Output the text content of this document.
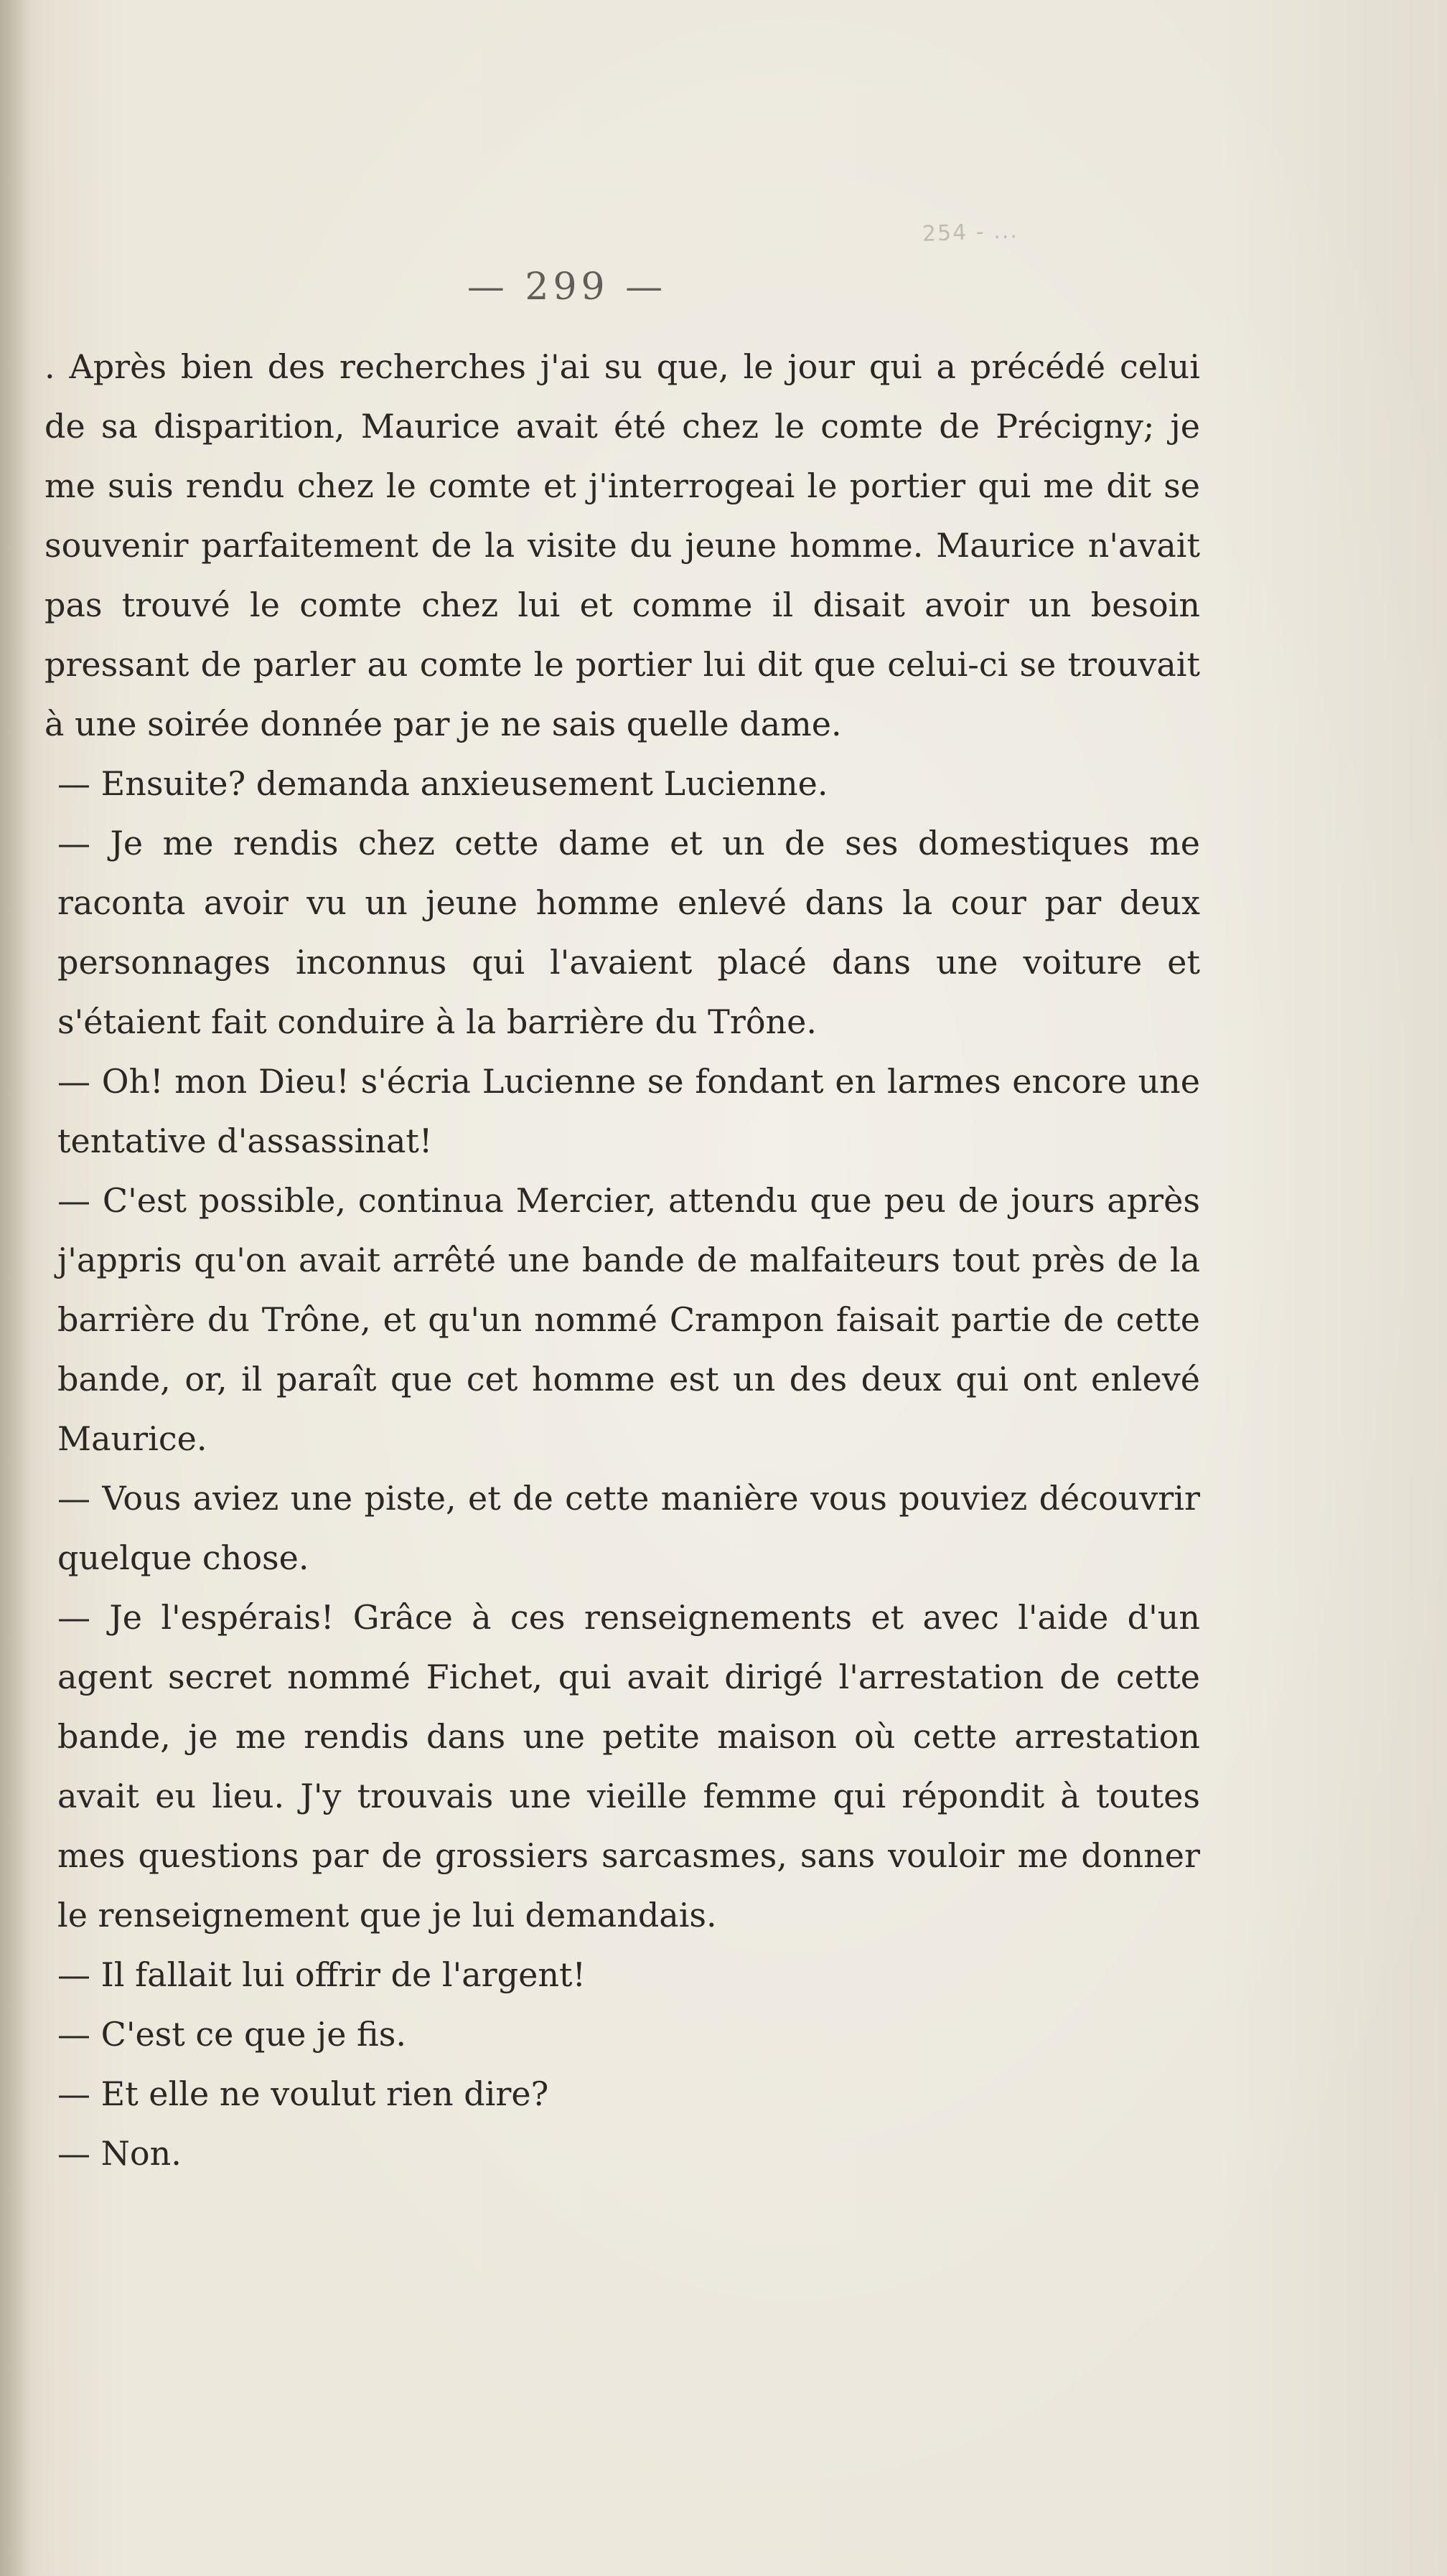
254 - ...
— 299 —

. Après bien des recherches j'ai su que, le jour qui a précédé celui de sa disparition, Maurice avait été chez le comte de Précigny; je me suis rendu chez le comte et j'interrogeai le portier qui me dit se souvenir parfaitement de la visite du jeune homme. Maurice n'avait pas trouvé le comte chez lui et comme il disait avoir un besoin pressant de parler au comte le portier lui dit que celui-ci se trouvait à une soirée donnée par je ne sais quelle dame.

— Ensuite? demanda anxieusement Lucienne.

— Je me rendis chez cette dame et un de ses domestiques me raconta avoir vu un jeune homme enlevé dans la cour par deux personnages inconnus qui l'avaient placé dans une voiture et s'étaient fait conduire à la barrière du Trône.

— Oh! mon Dieu! s'écria Lucienne se fondant en larmes encore une tentative d'assassinat!

— C'est possible, continua Mercier, attendu que peu de jours après j'appris qu'on avait arrêté une bande de malfaiteurs tout près de la barrière du Trône, et qu'un nommé Crampon faisait partie de cette bande, or, il paraît que cet homme est un des deux qui ont enlevé Maurice.

— Vous aviez une piste, et de cette manière vous pouviez découvrir quelque chose.

— Je l'espérais! Grâce à ces renseignements et avec l'aide d'un agent secret nommé Fichet, qui avait dirigé l'arrestation de cette bande, je me rendis dans une petite maison où cette arrestation avait eu lieu. J'y trouvais une vieille femme qui répondit à toutes mes questions par de grossiers sarcasmes, sans vouloir me donner le renseignement que je lui demandais.

— Il fallait lui offrir de l'argent!

— C'est ce que je fis.

— Et elle ne voulut rien dire?

— Non.
